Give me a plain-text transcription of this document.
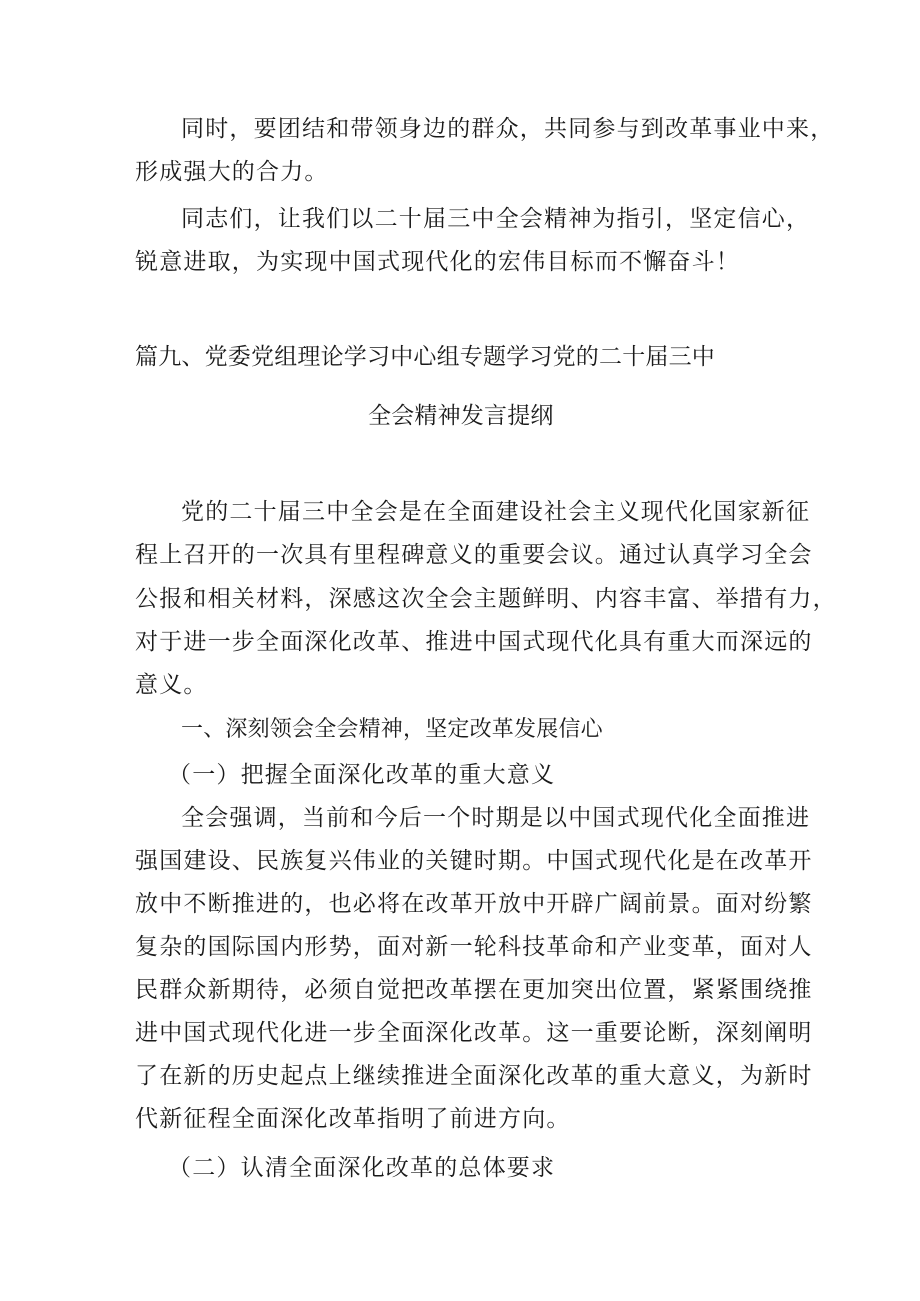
同时，要团结和带领身边的群众，共同参与到改革事业中来，
形成强大的合力。
同志们，让我们以二十届三中全会精神为指引，坚定信心，
锐意进取，为实现中国式现代化的宏伟目标而不懈奋斗！
篇九、党委党组理论学习中心组专题学习党的二十届三中
全会精神发言提纲
党的二十届三中全会是在全面建设社会主义现代化国家新征
程上召开的一次具有里程碑意义的重要会议。通过认真学习全会
公报和相关材料，深感这次全会主题鲜明、内容丰富、举措有力，
对于进一步全面深化改革、推进中国式现代化具有重大而深远的
意义。
一、深刻领会全会精神，坚定改革发展信心
（一）把握全面深化改革的重大意义
全会强调，当前和今后一个时期是以中国式现代化全面推进
强国建设、民族复兴伟业的关键时期。中国式现代化是在改革开
放中不断推进的，也必将在改革开放中开辟广阔前景。面对纷繁
复杂的国际国内形势，面对新一轮科技革命和产业变革，面对人
民群众新期待，必须自觉把改革摆在更加突出位置，紧紧围绕推
进中国式现代化进一步全面深化改革。这一重要论断，深刻阐明
了在新的历史起点上继续推进全面深化改革的重大意义，为新时
代新征程全面深化改革指明了前进方向。
（二）认清全面深化改革的总体要求
